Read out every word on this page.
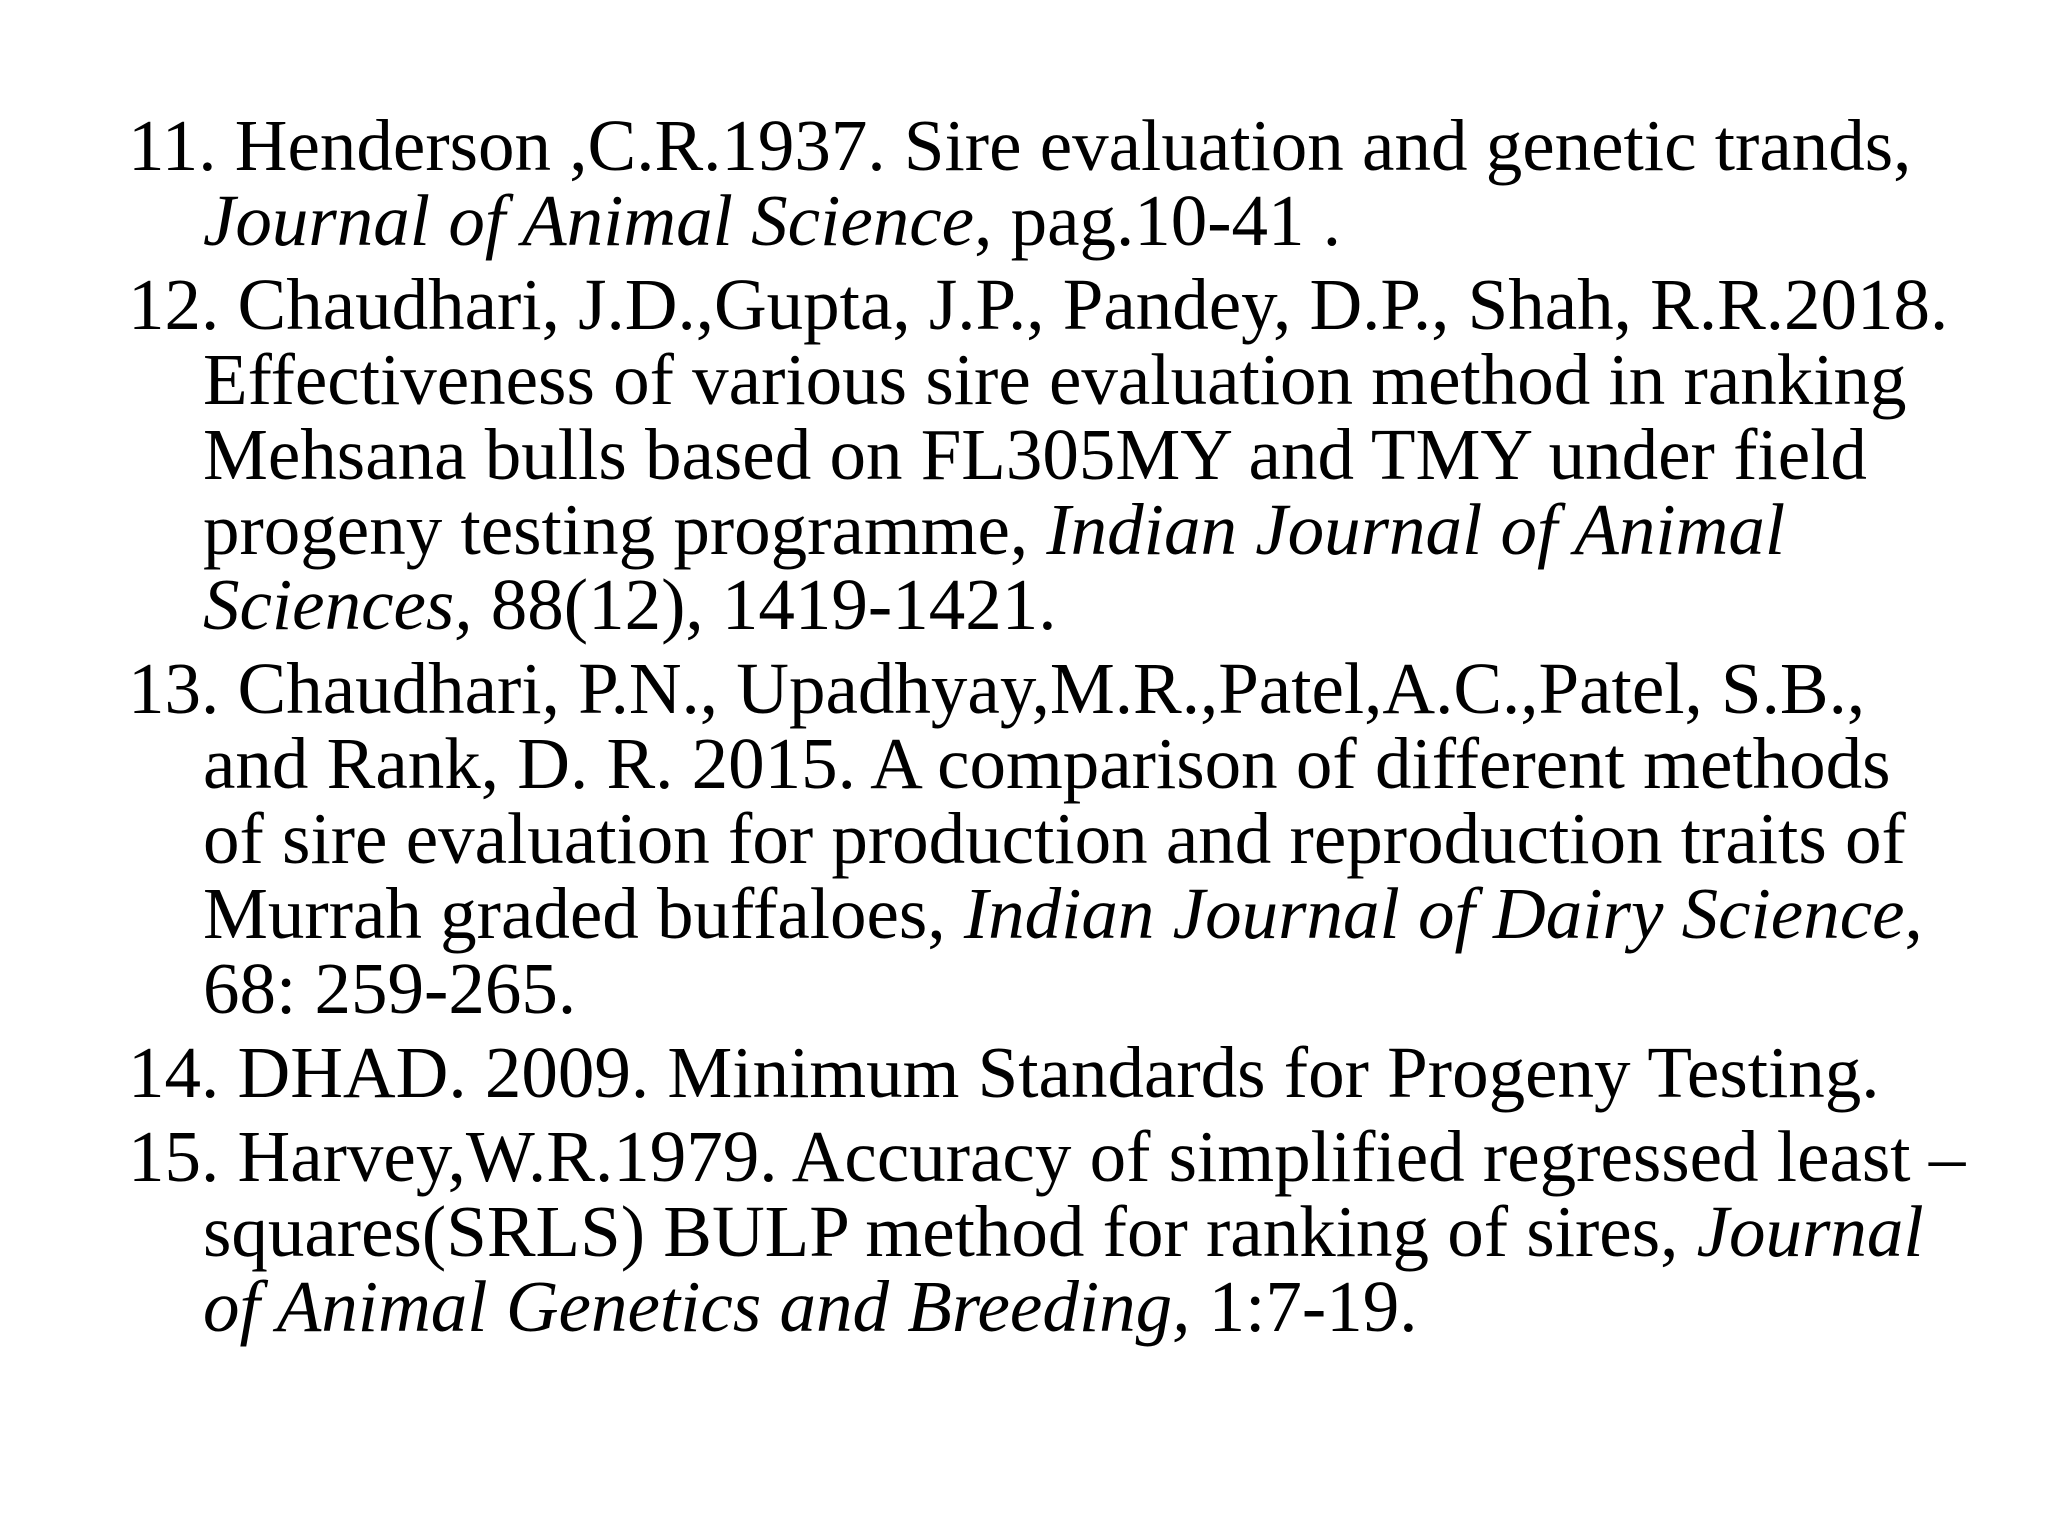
11. Henderson ,C.R.1937. Sire evaluation and genetic trands, Journal of Animal Science, pag.10-41 .
12. Chaudhari, J.D.,Gupta, J.P., Pandey, D.P., Shah, R.R.2018. Effectiveness of various sire evaluation method in ranking Mehsana bulls based on FL305MY and TMY under field progeny testing programme, Indian Journal of Animal Sciences, 88(12), 1419-1421.
13. Chaudhari, P.N., Upadhyay,M.R.,Patel,A.C.,Patel, S.B., and Rank, D. R. 2015. A comparison of different methods of sire evaluation for production and reproduction traits of Murrah graded buffaloes, Indian Journal of Dairy Science, 68: 259-265.
14. DHAD. 2009. Minimum Standards for Progeny Testing.
15. Harvey,W.R.1979. Accuracy of simplified regressed least –squares(SRLS) BULP method for ranking of sires, Journal of Animal Genetics and Breeding, 1:7-19.
